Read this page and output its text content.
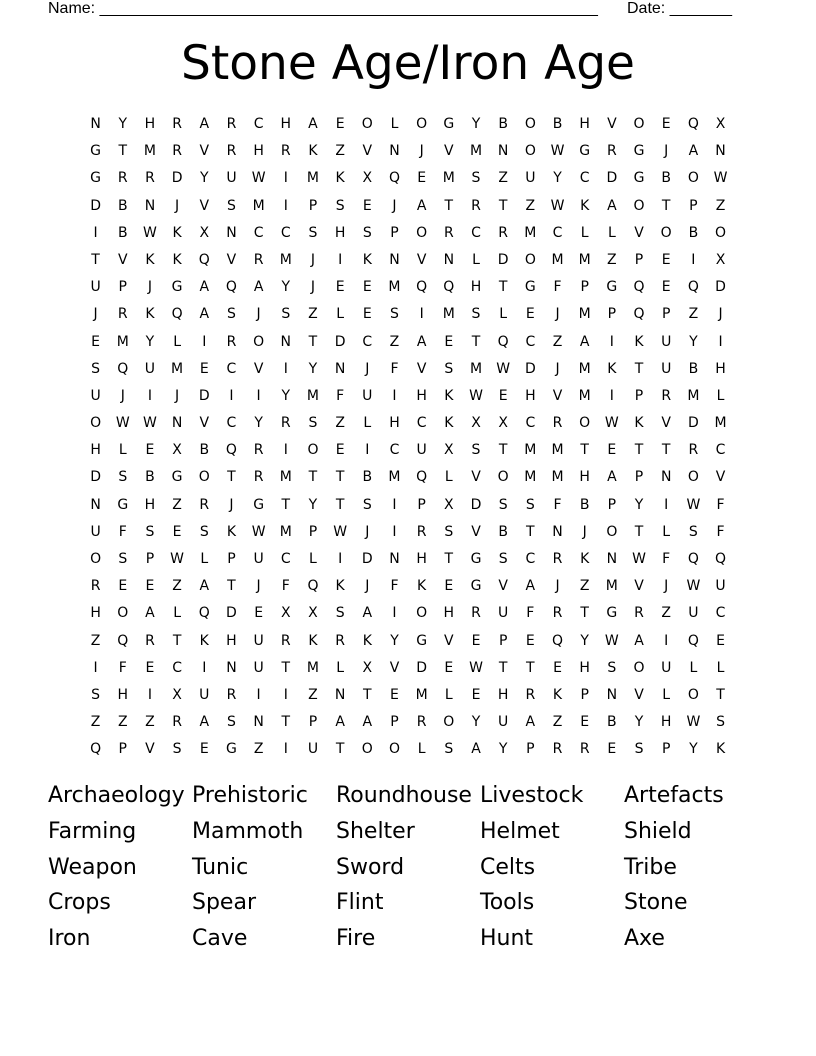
Name: ________________________________________________________ Date: _______
Stone Age/Iron Age
N	Y	H	R	A	R	C	H	A	E	O	L	O	G	Y	B	O	B	H	V	O	E	Q	X
G	T	M	R	V	R	H	R	K	Z	V	N	J	V	M	N	O	W	G	R	G	J	A	N
G	R	R	D	Y	U	W	I	M	K	X	Q	E	M	S	Z	U	Y	C	D	G	B	O	W
D	B	N	J	V	S	M	I	P	S	E	J	A	T	R	T	Z	W	K	A	O	T	P	Z
I	B	W	K	X	N	C	C	S	H	S	P	O	R	C	R	M	C	L	L	V	O	B	O
T	V	K	K	Q	V	R	M	J	I	K	N	V	N	L	D	O	M	M	Z	P	E	I	X
U	P	J	G	A	Q	A	Y	J	E	E	M	Q	Q	H	T	G	F	P	G	Q	E	Q	D
J	R	K	Q	A	S	J	S	Z	L	E	S	I	M	S	L	E	J	M	P	Q	P	Z	J
E	M	Y	L	I	R	O	N	T	D	C	Z	A	E	T	Q	C	Z	A	I	K	U	Y	I
S	Q	U	M	E	C	V	I	Y	N	J	F	V	S	M	W	D	J	M	K	T	U	B	H
U	J	I	J	D	I	I	Y	M	F	U	I	H	K	W	E	H	V	M	I	P	R	M	L
O	W W	N	V	C	Y	R	S	Z	L	H	C	K	X	X	C	R	O	W	K	V	D	M
H	L	E	X	B	Q	R	I	O	E	I	C	U	X	S	T	M	M	T	E	T	T	R	C
D	S	B	G	O	T	R	M	T	T	B	M	Q	L	V	O	M	M	H	A	P	N	O	V
N	G	H	Z	R	J	G	T	Y	T	S	I	P	X	D	S	S	F	B	P	Y	I	W	F
U	F	S	E	S	K	W	M	P	W	J	I	R	S	V	B	T	N	J	O	T	L	S	F
O	S	P	W	L	P	U	C	L	I	D	N	H	T	G	S	C	R	K	N	W	F	Q	Q
R	E	E	Z	A	T	J	F	Q	K	J	F	K	E	G	V	A	J	Z	M	V	J	W	U
H	O	A	L	Q	D	E	X	X	S	A	I	O	H	R	U	F	R	T	G	R	Z	U	C
Z	Q	R	T	K	H	U	R	K	R	K	Y	G	V	E	P	E	Q	Y	W	A	I	Q	E
I	F	E	C	I	N	U	T	M	L	X	V	D	E	W	T	T	E	H	S	O	U	L	L
S	H	I	X	U	R	I	I	Z	N	T	E	M	L	E	H	R	K	P	N	V	L	O	T
Z	Z	Z	R	A	S	N	T	P	A	A	P	R	O	Y	U	A	Z	E	B	Y	H	W	S
Q	P	V	S	E	G	Z	I	U	T	O	O	L	S	A	Y	P	R	R	E	S	P	Y	K
Archaeology Prehistoric	Roundhouse Livestock	Artefacts
Farming	Mammoth	Shelter	Helmet	Shield
Weapon	Tunic	Sword	Celts	Tribe
Crops	Spear	Flint	Tools	Stone
Iron	Cave	Fire	Hunt	Axe
